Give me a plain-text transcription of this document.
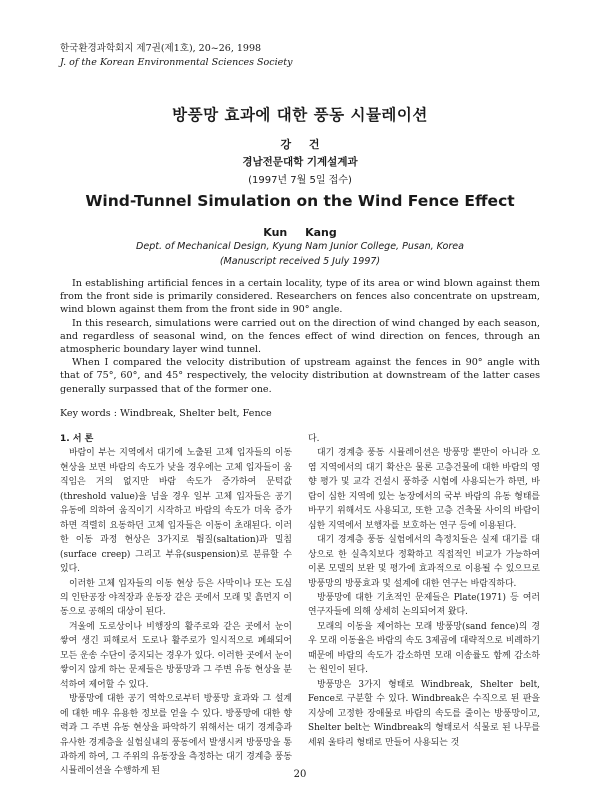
한국환경과학회지 제7권(제1호), 20~26, 1998
J. of the Korean Environmental Sciences Society
방풍망 효과에 대한 풍동 시뮬레이션
강 건
경남전문대학 기계설계과
(1997년 7월 5일 접수)
Wind-Tunnel Simulation on the Wind Fence Effect
Kun Kang
Dept. of Mechanical Design, Kyung Nam Junior College, Pusan, Korea
(Manuscript received 5 July 1997)

In establishing artificial fences in a certain locality, type of its area or wind blown against them from the front side is primarily considered. Researchers on fences also concentrate on upstream, wind blown against them from the front side in 90° angle.

In this research, simulations were carried out on the direction of wind changed by each season, and regardless of seasonal wind, on the fences effect of wind direction on fences, through an atmospheric boundary layer wind tunnel.

When I compared the velocity distribution of upstream against the fences in 90° angle with that of 75°, 60°, and 45° respectively, the velocity distribution at downstream of the latter cases generally surpassed that of the former one.

Key words : Windbreak, Shelter belt, Fence
1. 서 론

바람이 부는 지역에서 대기에 노출된 고체 입자들의 이동 현상을 보면 바람의 속도가 낮을 경우에는 고체 입자들이 움직임은 거의 없지만 바람 속도가 증가하여 문턱값(threshold value)을 넘을 경우 일부 고체 입자들은 공기 유동에 의하여 움직이기 시작하고 바람의 속도가 더욱 증가하면 격렬히 요동하던 고체 입자들은 이동이 초래된다. 이러한 이동 과정 현상은 3가지로 튐질(saltation)과 밀침(surface creep) 그리고 부유(suspension)로 분류할 수 있다.

이러한 고체 입자들의 이동 현상 등은 사막이나 또는 도심의 인탄공장 야적장과 운동장 같은 곳에서 모래 및 흙먼지 이동으로 공해의 대상이 된다.

겨울에 도로상이나 비행장의 활주로와 같은 곳에서 눈이 쌓여 생긴 피해로서 도로나 활주로가 일시적으로 폐쇄되어 모든 운송 수단이 중지되는 경우가 있다. 이러한 곳에서 눈이 쌓이지 않게 하는 문제들은 방풍망과 그 주변 유동 현상을 분석하여 제어할 수 있다.

방풍망에 대한 공기 역학으로부터 방풍망 효과와 그 설계에 대한 매우 유용한 정보를 얻을 수 있다. 방풍망에 대한 향력과 그 주변 유동 현상을 파악하기 위해서는 대기 경계층과 유사한 경계층을 실험실내의 풍동에서 발생시켜 방풍망을 통과하게 하여, 그 주위의 유동장을 측정하는 대기 경계층 풍동 시뮬레이션을 수행하게 된

다.

대기 경계층 풍동 시뮬레이션은 방풍망 뿐만이 아니라 오염 지역에서의 대기 확산은 물론 고층건물에 대한 바람의 영향 평가 및 교각 건설시 풍하중 시험에 사용되는가 하면, 바람이 심한 지역에 있는 농장에서의 국부 바람의 유동 형태를 바꾸기 위해서도 사용되고, 또한 고층 건축물 사이의 바람이 심한 지역에서 보행자를 보호하는 연구 등에 이용된다.

대기 경계층 풍동 실험에서의 측정치들은 실제 대기를 대상으로 한 실측치보다 정확하고 직접적인 비교가 가능하여 이론 모델의 보완 및 평가에 효과적으로 이용될 수 있으므로 방풍망의 방풍효과 및 설계에 대한 연구는 바람직하다.

방풍망에 대한 기초적인 문제들은 Plate(1971) 등 여러 연구자들에 의해 상세히 논의되어져 왔다.

모래의 이동을 제어하는 모래 방풍망(sand fence)의 경우 모래 이동율은 바람의 속도 3제곱에 대략적으로 비례하기 때문에 바람의 속도가 감소하면 모래 이송률도 함께 감소하는 원인이 된다.

방풍망은 3가지 형태로 Windbreak, Shelter belt, Fence로 구분할 수 있다. Windbreak은 수직으로 된 판을 지상에 고정한 장애물로 바람의 속도를 줄이는 방풍망이고, Shelter belt는 Windbreak의 형태로서 식물로 된 나무를 세워 울타리 형태로 만들어 사용되는 것

20
